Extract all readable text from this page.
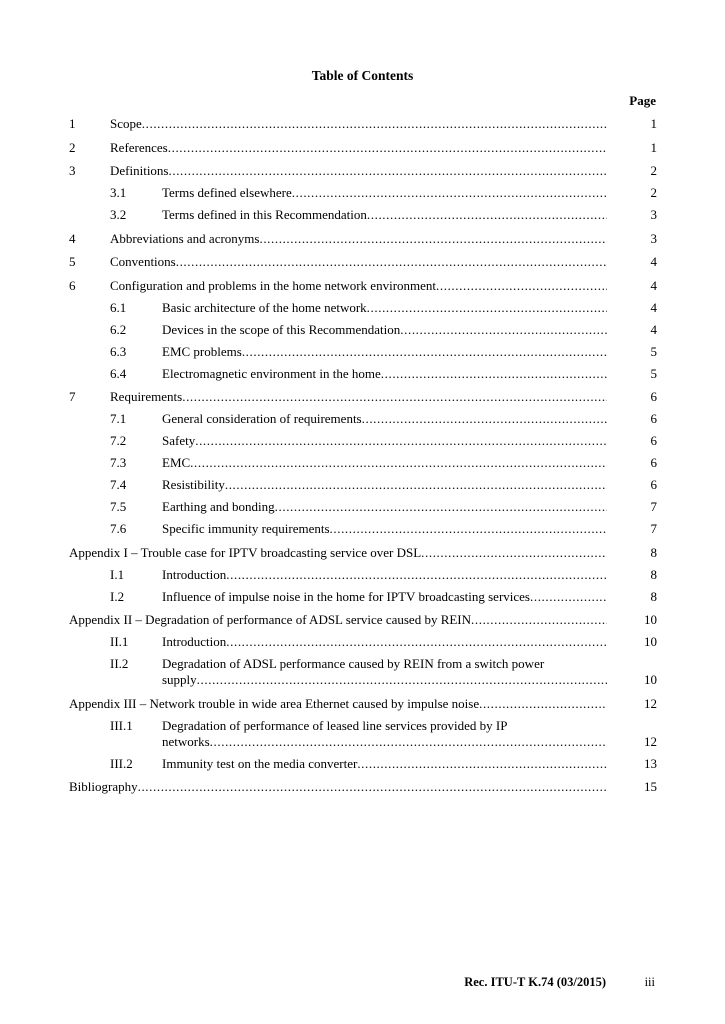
Table of Contents
Page
1	Scope .....	1
2	References .....	1
3	Definitions .....	2
3.1	Terms defined elsewhere .....	2
3.2	Terms defined in this Recommendation .....	3
4	Abbreviations and acronyms .....	3
5	Conventions .....	4
6	Configuration and problems in the home network environment .....	4
6.1	Basic architecture of the home network .....	4
6.2	Devices in the scope of this Recommendation .....	4
6.3	EMC problems .....	5
6.4	Electromagnetic environment in the home .....	5
7	Requirements .....	6
7.1	General consideration of requirements .....	6
7.2	Safety .....	6
7.3	EMC .....	6
7.4	Resistibility .....	6
7.5	Earthing and bonding .....	7
7.6	Specific immunity requirements .....	7
Appendix I – Trouble case for IPTV broadcasting service over DSL .....	8
I.1	Introduction .....	8
I.2	Influence of impulse noise in the home for IPTV broadcasting services .....	8
Appendix II – Degradation of performance of ADSL service caused by REIN .....	10
II.1	Introduction .....	10
II.2	Degradation of ADSL performance caused by REIN from a switch power
supply .....	10
Appendix III – Network trouble in wide area Ethernet caused by impulse noise .....	12
III.1	Degradation of performance of leased line services provided by IP
networks .....	12
III.2	Immunity test on the media converter .....	13
Bibliography .....	15
Rec. ITU-T K.74 (03/2015)	iii
